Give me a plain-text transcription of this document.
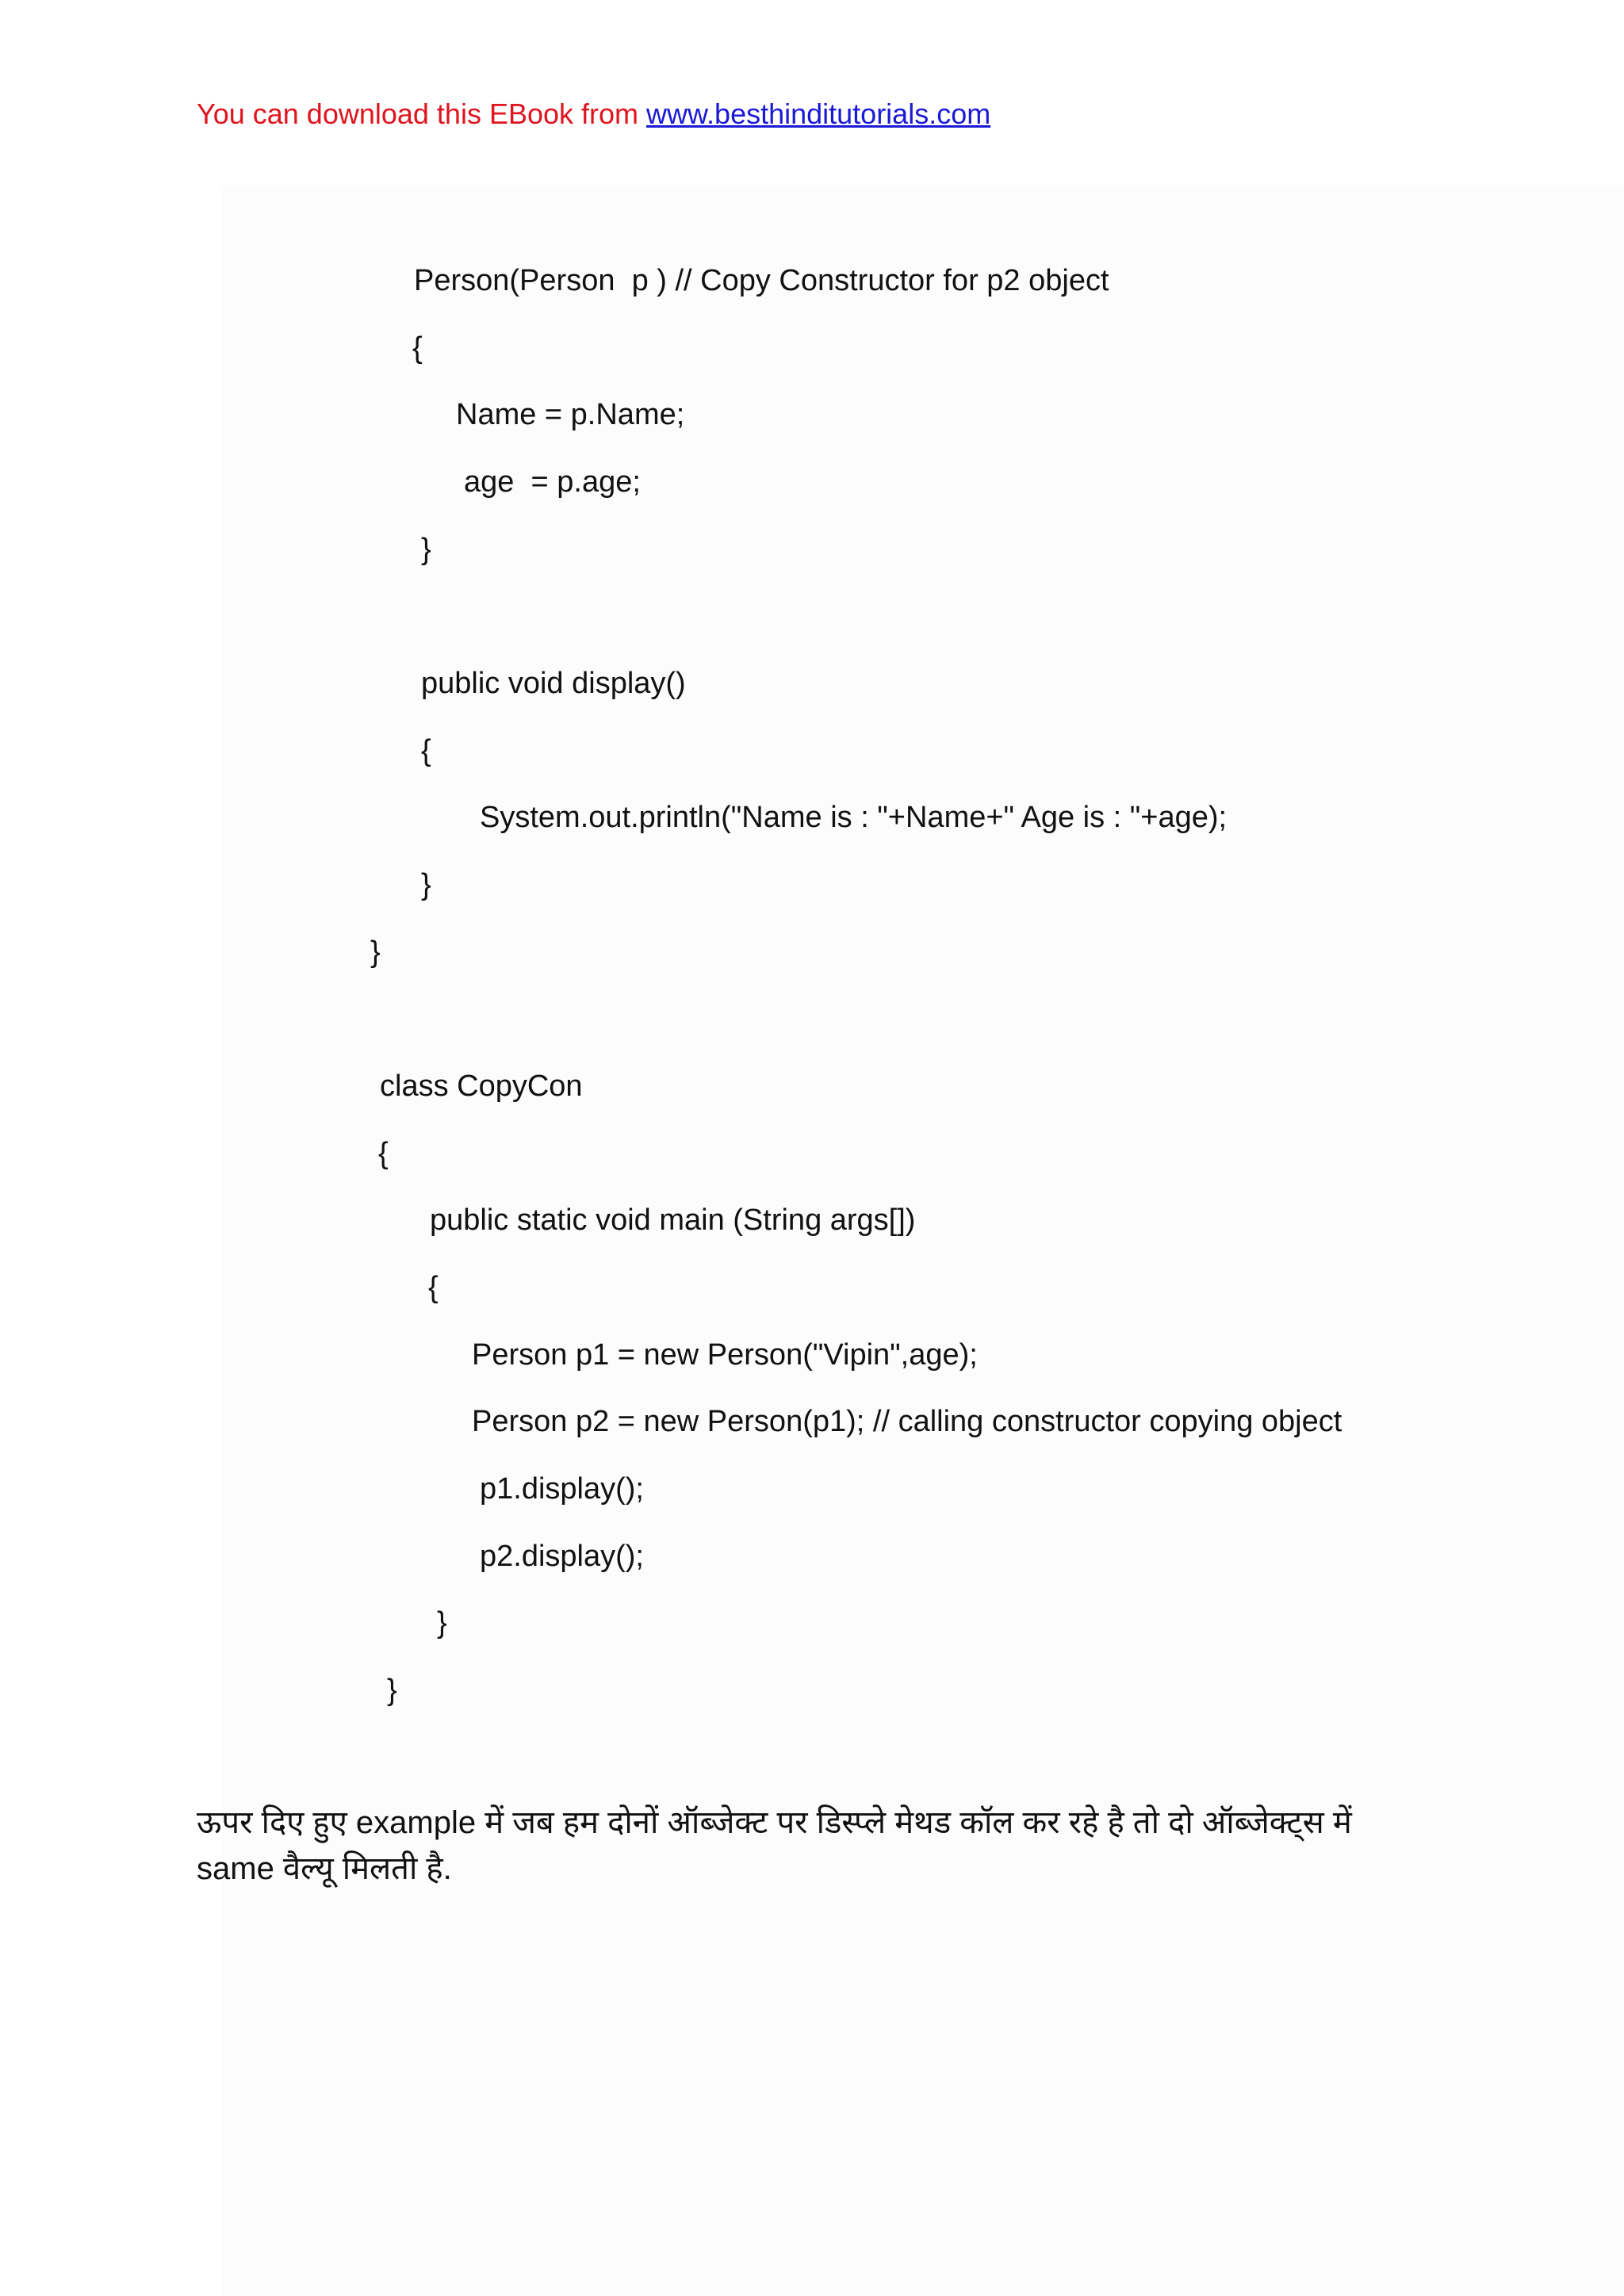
You can download this EBook from www.besthinditutorials.com
Person(Person  p ) // Copy Constructor for p2 object
{
Name = p.Name;
age  = p.age;
}
public void display()
{
System.out.println("Name is : "+Name+" Age is : "+age);
}
}
class CopyCon
{
public static void main (String args[])
{
Person p1 = new Person("Vipin",age);
Person p2 = new Person(p1); // calling constructor copying object
p1.display();
p2.display();
}
}
ऊपर दिए हुए example में जब हम दोनों ऑब्जेक्ट पर डिस्प्ले मेथड कॉल कर रहे है तो दो ऑब्जेक्ट्स में same वैल्यू मिलती है.
